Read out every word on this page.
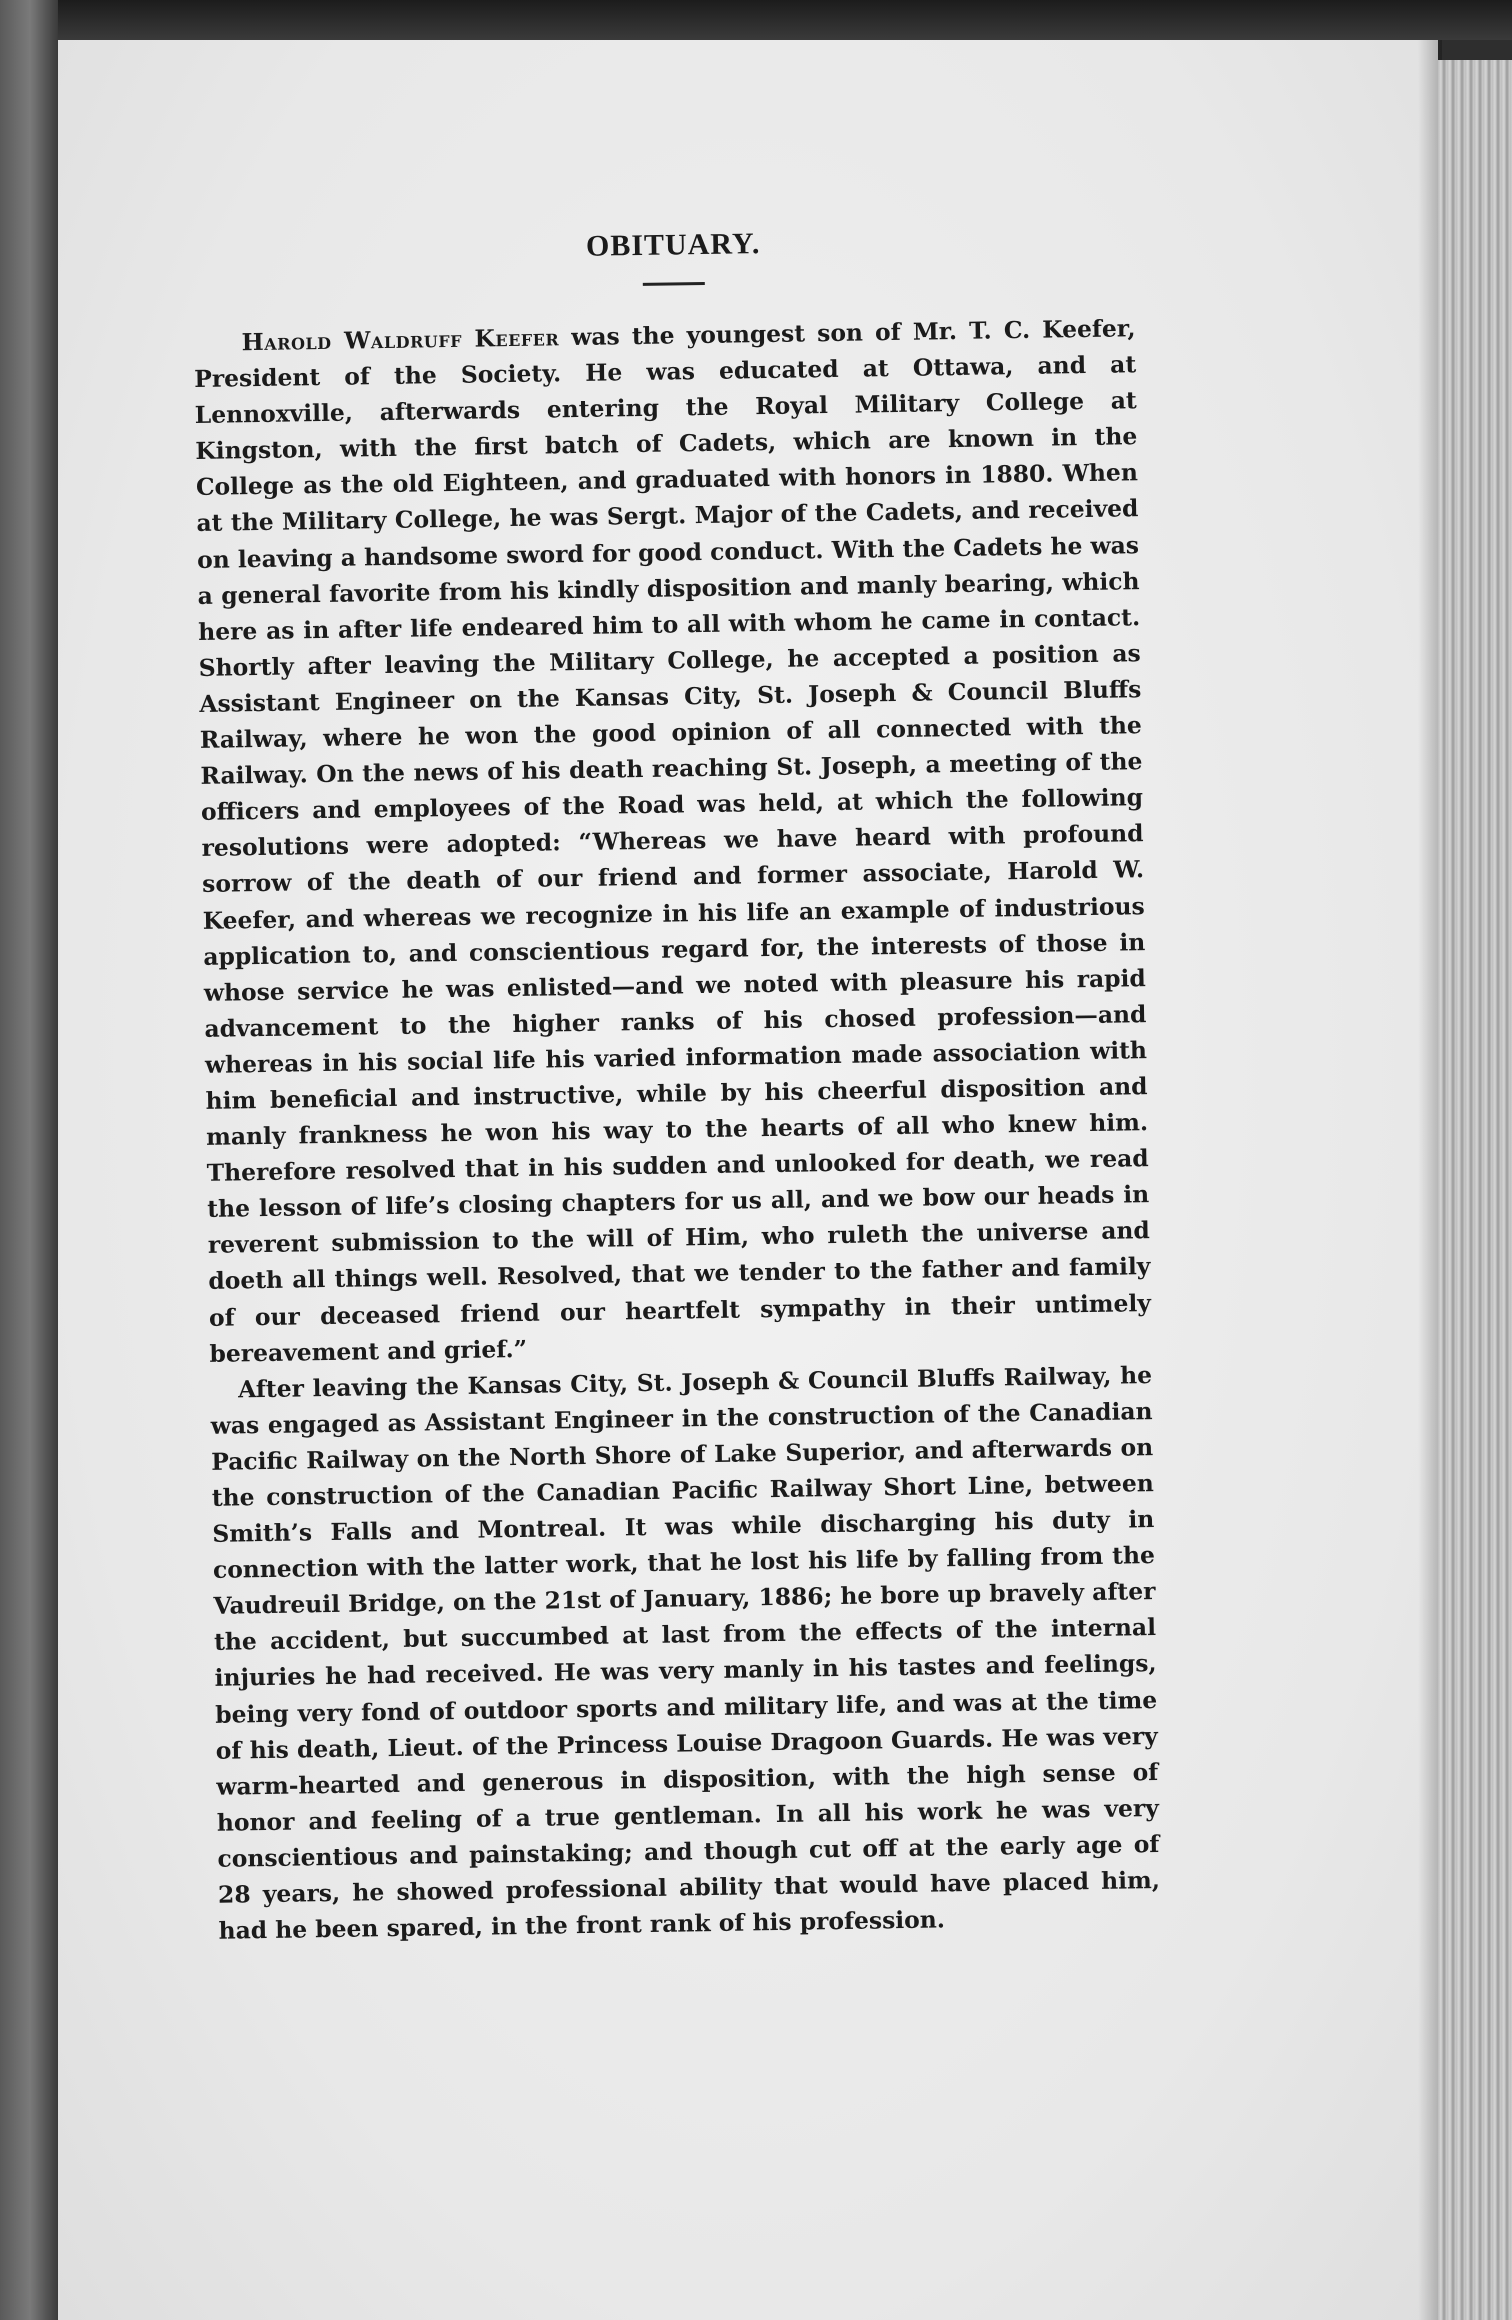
OBITUARY.

Harold Waldruff Keefer was the youngest son of Mr. T. C. Keefer, President of the Society. He was educated at Ottawa, and at Lennoxville, afterwards entering the Royal Military College at Kingston, with the first batch of Cadets, which are known in the College as the old Eighteen, and graduated with honors in 1880. When at the Military College, he was Sergt. Major of the Cadets, and received on leaving a handsome sword for good conduct. With the Cadets he was a general favorite from his kindly disposition and manly bearing, which here as in after life endeared him to all with whom he came in contact. Shortly after leaving the Military College, he accepted a position as Assistant Engineer on the Kansas City, St. Joseph & Council Bluffs Railway, where he won the good opinion of all connected with the Railway. On the news of his death reaching St. Joseph, a meeting of the officers and employees of the Road was held, at which the following resolutions were adopted: “Whereas we have heard with profound sorrow of the death of our friend and former associate, Harold W. Keefer, and whereas we recognize in his life an example of industrious application to, and conscientious regard for, the interests of those in whose service he was enlisted—and we noted with pleasure his rapid advancement to the higher ranks of his chosed profession—and whereas in his social life his varied information made association with him beneficial and instructive, while by his cheerful disposition and manly frankness he won his way to the hearts of all who knew him. Therefore resolved that in his sudden and unlooked for death, we read the lesson of life’s closing chapters for us all, and we bow our heads in reverent submission to the will of Him, who ruleth the universe and doeth all things well. Resolved, that we tender to the father and family of our deceased friend our heartfelt sympathy in their untimely bereavement and grief.”

After leaving the Kansas City, St. Joseph & Council Bluffs Railway, he was engaged as Assistant Engineer in the construction of the Canadian Pacific Railway on the North Shore of Lake Superior, and afterwards on the construction of the Canadian Pacific Railway Short Line, between Smith’s Falls and Montreal. It was while discharging his duty in connection with the latter work, that he lost his life by falling from the Vaudreuil Bridge, on the 21st of January, 1886; he bore up bravely after the accident, but succumbed at last from the effects of the internal injuries he had received. He was very manly in his tastes and feelings, being very fond of outdoor sports and military life, and was at the time of his death, Lieut. of the Princess Louise Dragoon Guards. He was very warm-hearted and generous in disposition, with the high sense of honor and feeling of a true gentleman. In all his work he was very conscientious and painstaking; and though cut off at the early age of 28 years, he showed professional ability that would have placed him, had he been spared, in the front rank of his profession.
